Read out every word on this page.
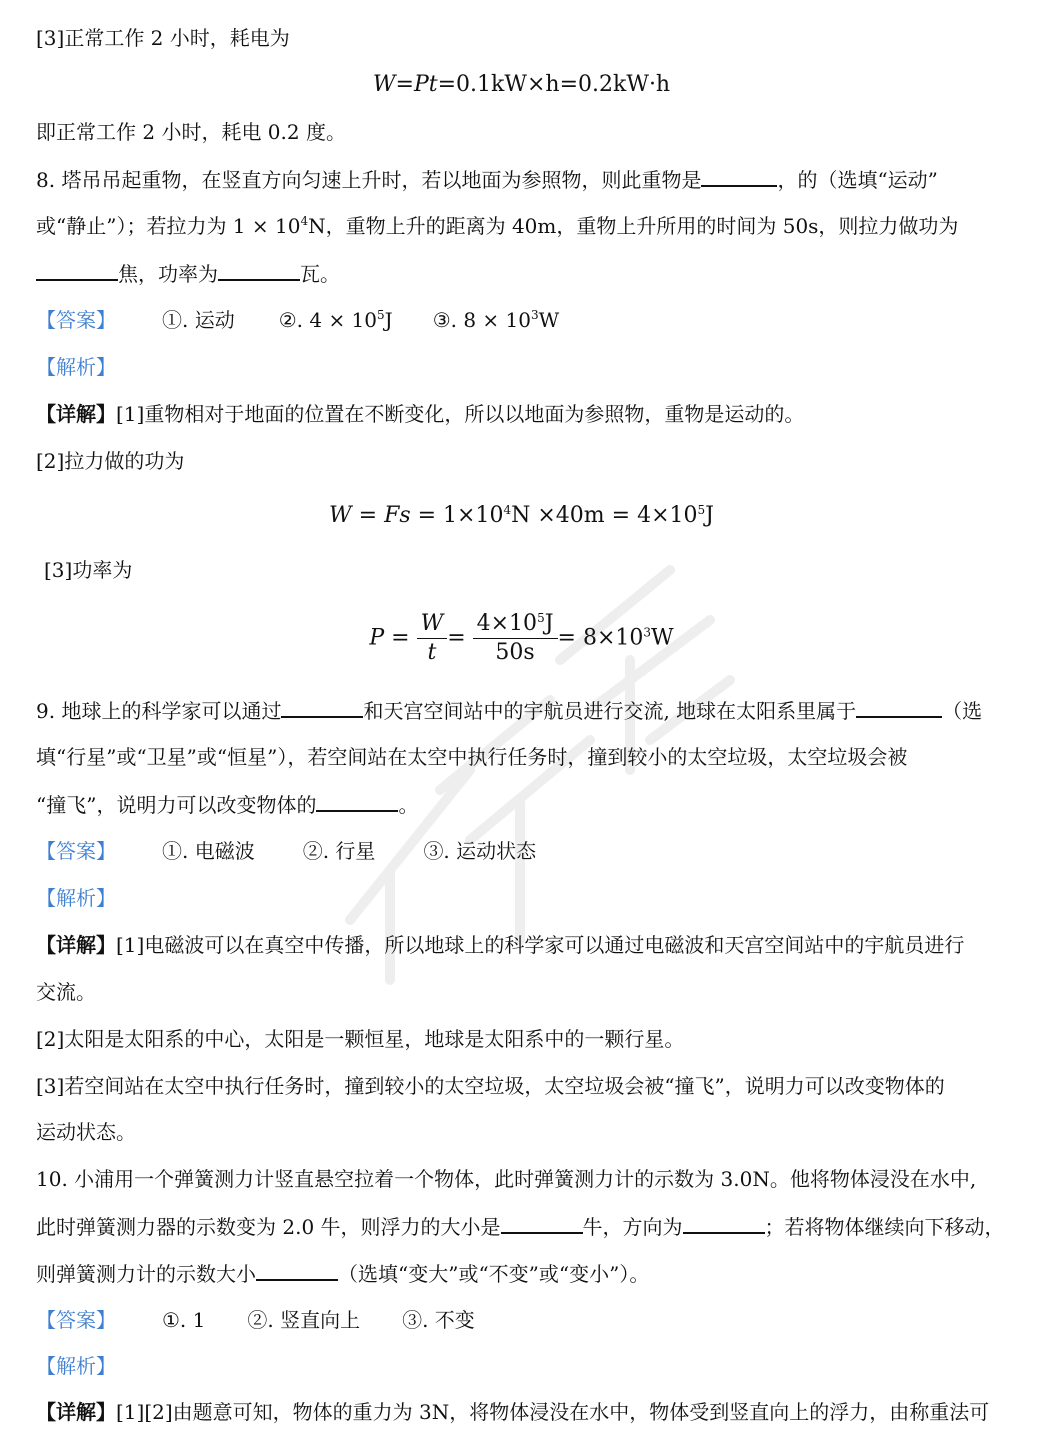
[3]正常工作 2 小时，耗电为
W=Pt=0.1kW×h=0.2kW·h
即正常工作 2 小时，耗电 0.2 度。
8. 塔吊吊起重物，在竖直方向匀速上升时，若以地面为参照物，则此重物是	，的（选填“运动”
或“静止”）；若拉力为 $1 \times 10^4N$，重物上升的距离为 40m，重物上升所用的时间为 50s，则拉力做功为
焦，功率为	瓦。
【答案】 ①. 运动 ②. $4 \times 10^5J$ ③. $8 \times 10^3W$
【解析】
【详解】[1]重物相对于地面的位置在不断变化，所以以地面为参照物，重物是运动的。
[2]拉力做的功为
$W = Fs = 1\times 10^4N \times 40m = 4\times 10^5J$
[3]功率为
$P = \frac{W}{t} = \frac{4\times 10^5J}{50s} = 8\times 10^3W$
9. 地球上的科学家可以通过	和天宫空间站中的宇航员进行交流, 地球在太阳系里属于	（选
填“行星”或“卫星”或“恒星”），若空间站在太空中执行任务时，撞到较小的太空垃圾，太空垃圾会被
“撞飞”，说明力可以改变物体的	。
【答案】 ①. 电磁波 ②. 行星 ③. 运动状态
【解析】
【详解】[1]电磁波可以在真空中传播，所以地球上的科学家可以通过电磁波和天宫空间站中的宇航员进行
交流。
[2]太阳是太阳系的中心，太阳是一颗恒星，地球是太阳系中的一颗行星。
[3]若空间站在太空中执行任务时，撞到较小的太空垃圾，太空垃圾会被“撞飞”，说明力可以改变物体的
运动状态。
10. 小浦用一个弹簧测力计竖直悬空拉着一个物体，此时弹簧测力计的示数为 3.0N。他将物体浸没在水中,
此时弹簧测力器的示数变为 2.0 牛，则浮力的大小是	牛，方向为	；若将物体继续向下移动，
则弹簧测力计的示数大小	（选填“变大”或“不变”或“变小”）。
【答案】 ①. 1 ②. 竖直向上 ③. 不变
【解析】
【详解】[1][2]由题意可知，物体的重力为 3N，将物体浸没在水中，物体受到竖直向上的浮力，由称重法可
